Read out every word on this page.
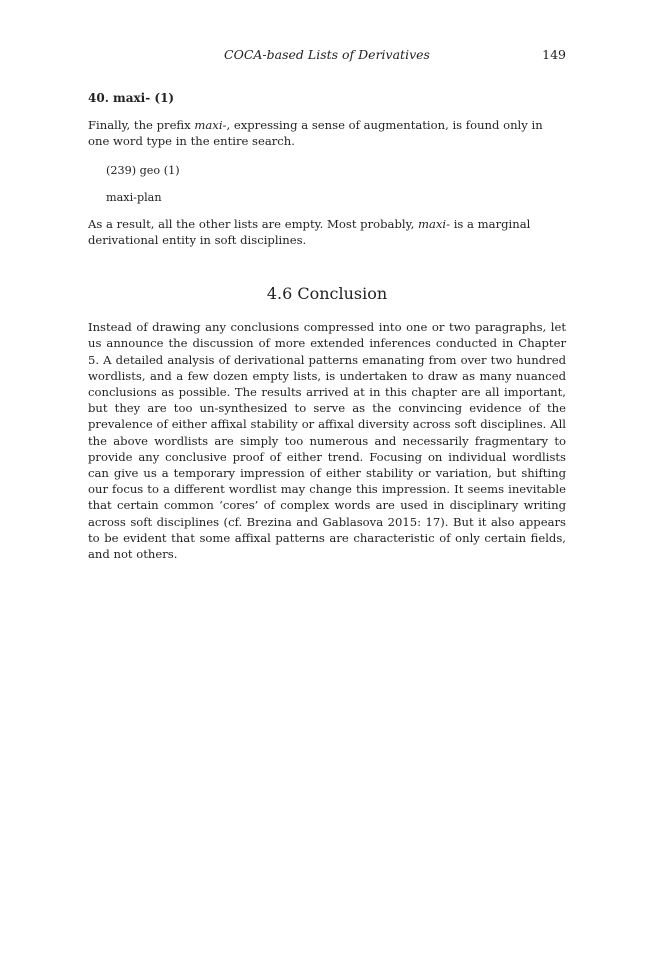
COCA-based Lists of Derivatives	149
40. maxi- (1)

Finally, the prefix maxi-, expressing a sense of augmentation, is found only in one word type in the entire search.

(239) geo (1)
maxi-plan

As a result, all the other lists are empty. Most probably, maxi- is a marginal derivational entity in soft disciplines.

4.6 Conclusion

Instead of drawing any conclusions compressed into one or two paragraphs, let us announce the discussion of more extended inferences conducted in Chapter 5. A detailed analysis of derivational patterns emanating from over two hundred wordlists, and a few dozen empty lists, is undertaken to draw as many nuanced conclusions as possible. The results arrived at in this chapter are all important, but they are too un-synthesized to serve as the convincing evidence of the prevalence of either affixal stability or affixal diversity across soft disciplines. All the above wordlists are simply too numerous and necessarily fragmentary to provide any conclusive proof of either trend. Focusing on individual wordlists can give us a temporary impression of either stability or variation, but shifting our focus to a different wordlist may change this impression. It seems inevitable that certain common ‘cores’ of complex words are used in disciplinary writing across soft disciplines (cf. Brezina and Gablasova 2015: 17). But it also appears to be evident that some affixal patterns are characteristic of only certain fields, and not others.
